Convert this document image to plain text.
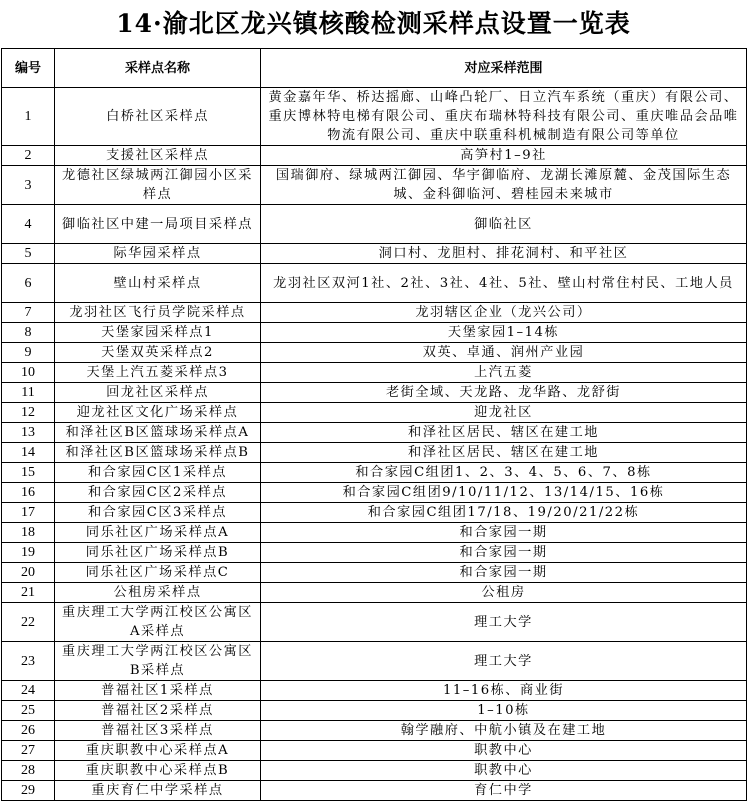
14·渝北区龙兴镇核酸检测采样点设置一览表
编号	采样点名称	对应采样范围
1	白桥社区采样点	黄金嘉年华、桥达摇廊、山峰凸轮厂、日立汽车系统（重庆）有限公司、重庆博林特电梯有限公司、重庆布瑞林特科技有限公司、重庆唯品会品唯物流有限公司、重庆中联重科机械制造有限公司等单位
2	支援社区采样点	高笋村1–9社
3	龙德社区绿城两江御园小区采样点	国瑞御府、绿城两江御园、华宇御临府、龙湖长滩原麓、金茂国际生态城、金科御临河、碧桂园未来城市
4	御临社区中建一局项目采样点	御临社区
5	际华园采样点	洞口村、龙胆村、排花洞村、和平社区
6	壁山村采样点	龙羽社区双河1社、2社、3社、4社、5社、壁山村常住村民、工地人员
7	龙羽社区飞行员学院采样点	龙羽辖区企业（龙兴公司）
8	天堡家园采样点1	天堡家园1–14栋
9	天堡双英采样点2	双英、卓通、润州产业园
10	天堡上汽五菱采样点3	上汽五菱
11	回龙社区采样点	老街全域、天龙路、龙华路、龙舒街
12	迎龙社区文化广场采样点	迎龙社区
13	和泽社区B区篮球场采样点A	和泽社区居民、辖区在建工地
14	和泽社区B区篮球场采样点B	和泽社区居民、辖区在建工地
15	和合家园C区1采样点	和合家园C组团1、2、3、4、5、6、7、8栋
16	和合家园C区2采样点	和合家园C组团9/10/11/12、13/14/15、16栋
17	和合家园C区3采样点	和合家园C组团17/18、19/20/21/22栋
18	同乐社区广场采样点A	和合家园一期
19	同乐社区广场采样点B	和合家园一期
20	同乐社区广场采样点C	和合家园一期
21	公租房采样点	公租房
22	重庆理工大学两江校区公寓区A采样点	理工大学
23	重庆理工大学两江校区公寓区B采样点	理工大学
24	普福社区1采样点	11–16栋、商业街
25	普福社区2采样点	1–10栋
26	普福社区3采样点	翰学融府、中航小镇及在建工地
27	重庆职教中心采样点A	职教中心
28	重庆职教中心采样点B	职教中心
29	重庆育仁中学采样点	育仁中学
